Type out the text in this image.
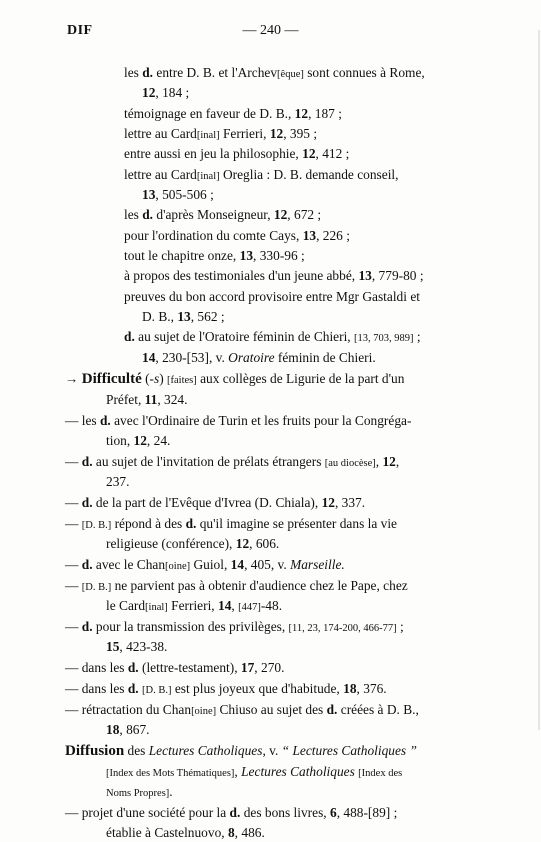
DIF	— 240 —
les d. entre D. B. et l'Archev[êque] sont connues à Rome,
12, 184 ;
témoignage en faveur de D. B., 12, 187 ;
lettre au Card[inal] Ferrieri, 12, 395 ;
entre aussi en jeu la philosophie, 12, 412 ;
lettre au Card[inal] Oreglia : D. B. demande conseil,
13, 505-506 ;
les d. d'après Monseigneur, 12, 672 ;
pour l'ordination du comte Cays, 13, 226 ;
tout le chapitre onze, 13, 330-96 ;
à propos des testimoniales d'un jeune abbé, 13, 779-80 ;
preuves du bon accord provisoire entre Mgr Gastaldi et
D. B., 13, 562 ;
d. au sujet de l'Oratoire féminin de Chieri, [13, 703, 989] ;
14, 230-[53], v. Oratoire féminin de Chieri.
→ Difficulté (-s) [faites] aux collèges de Ligurie de la part d'un
Préfet, 11, 324.
— les d. avec l'Ordinaire de Turin et les fruits pour la Congréga-
tion, 12, 24.
— d. au sujet de l'invitation de prélats étrangers [au diocèse], 12,
237.
— d. de la part de l'Evêque d'Ivrea (D. Chiala), 12, 337.
— [D. B.] répond à des d. qu'il imagine se présenter dans la vie
religieuse (conférence), 12, 606.
— d. avec le Chan[oine] Guiol, 14, 405, v. Marseille.
— [D. B.] ne parvient pas à obtenir d'audience chez le Pape, chez
le Card[inal] Ferrieri, 14, [447]-48.
— d. pour la transmission des privilèges, [11, 23, 174-200, 466-77] ;
15, 423-38.
— dans les d. (lettre-testament), 17, 270.
— dans les d. [D. B.] est plus joyeux que d'habitude, 18, 376.
— rétractation du Chan[oine] Chiuso au sujet des d. créées à D. B.,
18, 867.
Diffusion des Lectures Catholiques, v. “ Lectures Catholiques ”
[Index des Mots Thématiques], Lectures Catholiques [Index des
Noms Propres].
— projet d'une société pour la d. des bons livres, 6, 488-[89] ;
établie à Castelnuovo, 8, 486.
